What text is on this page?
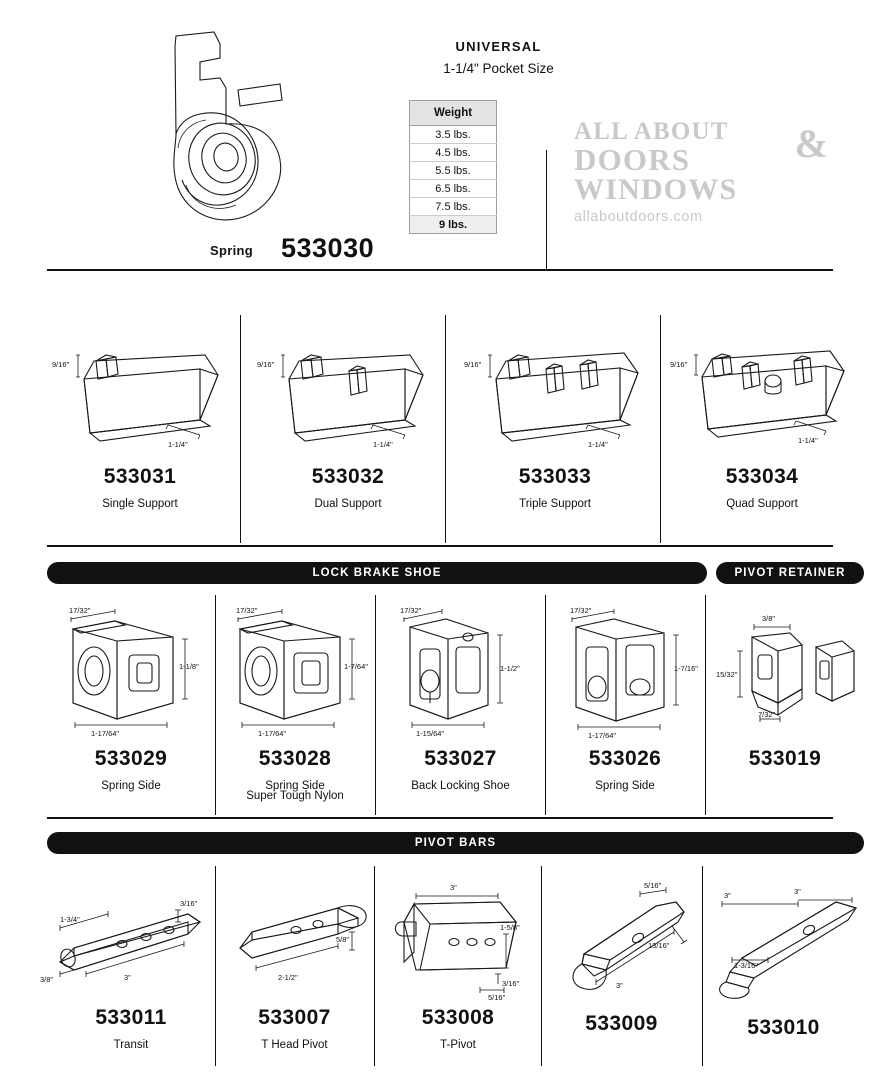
Spring 533030
UNIVERSAL
1-1/4" Pocket Size
Weight
3.5 lbs.
4.5 lbs.
5.5 lbs.
6.5 lbs.
7.5 lbs.
9 lbs.
&
ALL ABOUT
DOORS
WINDOWS
allaboutdoors.com
9/16"
1-1/4"
9/16"
1-1/4"
9/16"
1-1/4"
9/16"
1-1/4"
533031
Single Support
533032
Dual Support
533033
Triple Support
533034
Quad Support
LOCK BRAKE SHOE	PIVOT RETAINER
17/32"
1-1/8"
1-17/64"
17/32"
1-7/64"
1-17/64"
17/32"
1-1/2"
1-15/64"
17/32"
1-7/16"
1-17/64"
3/8"
15/32"
7/32"
533029
Spring Side
533028
Spring Side
Super Tough Nylon
533027
Back Locking Shoe
533026
Spring Side
533019
PIVOT BARS
3/16"
1-3/4"
3"
3/8"
5/8"
2-1/2"
3"
1-5/8"
3/16"
5/16"
5/16"
13/16"
3"
3"	3"
1-3/16"
533011
Transit
533007
T Head Pivot
533008
T-Pivot
533009	533010
